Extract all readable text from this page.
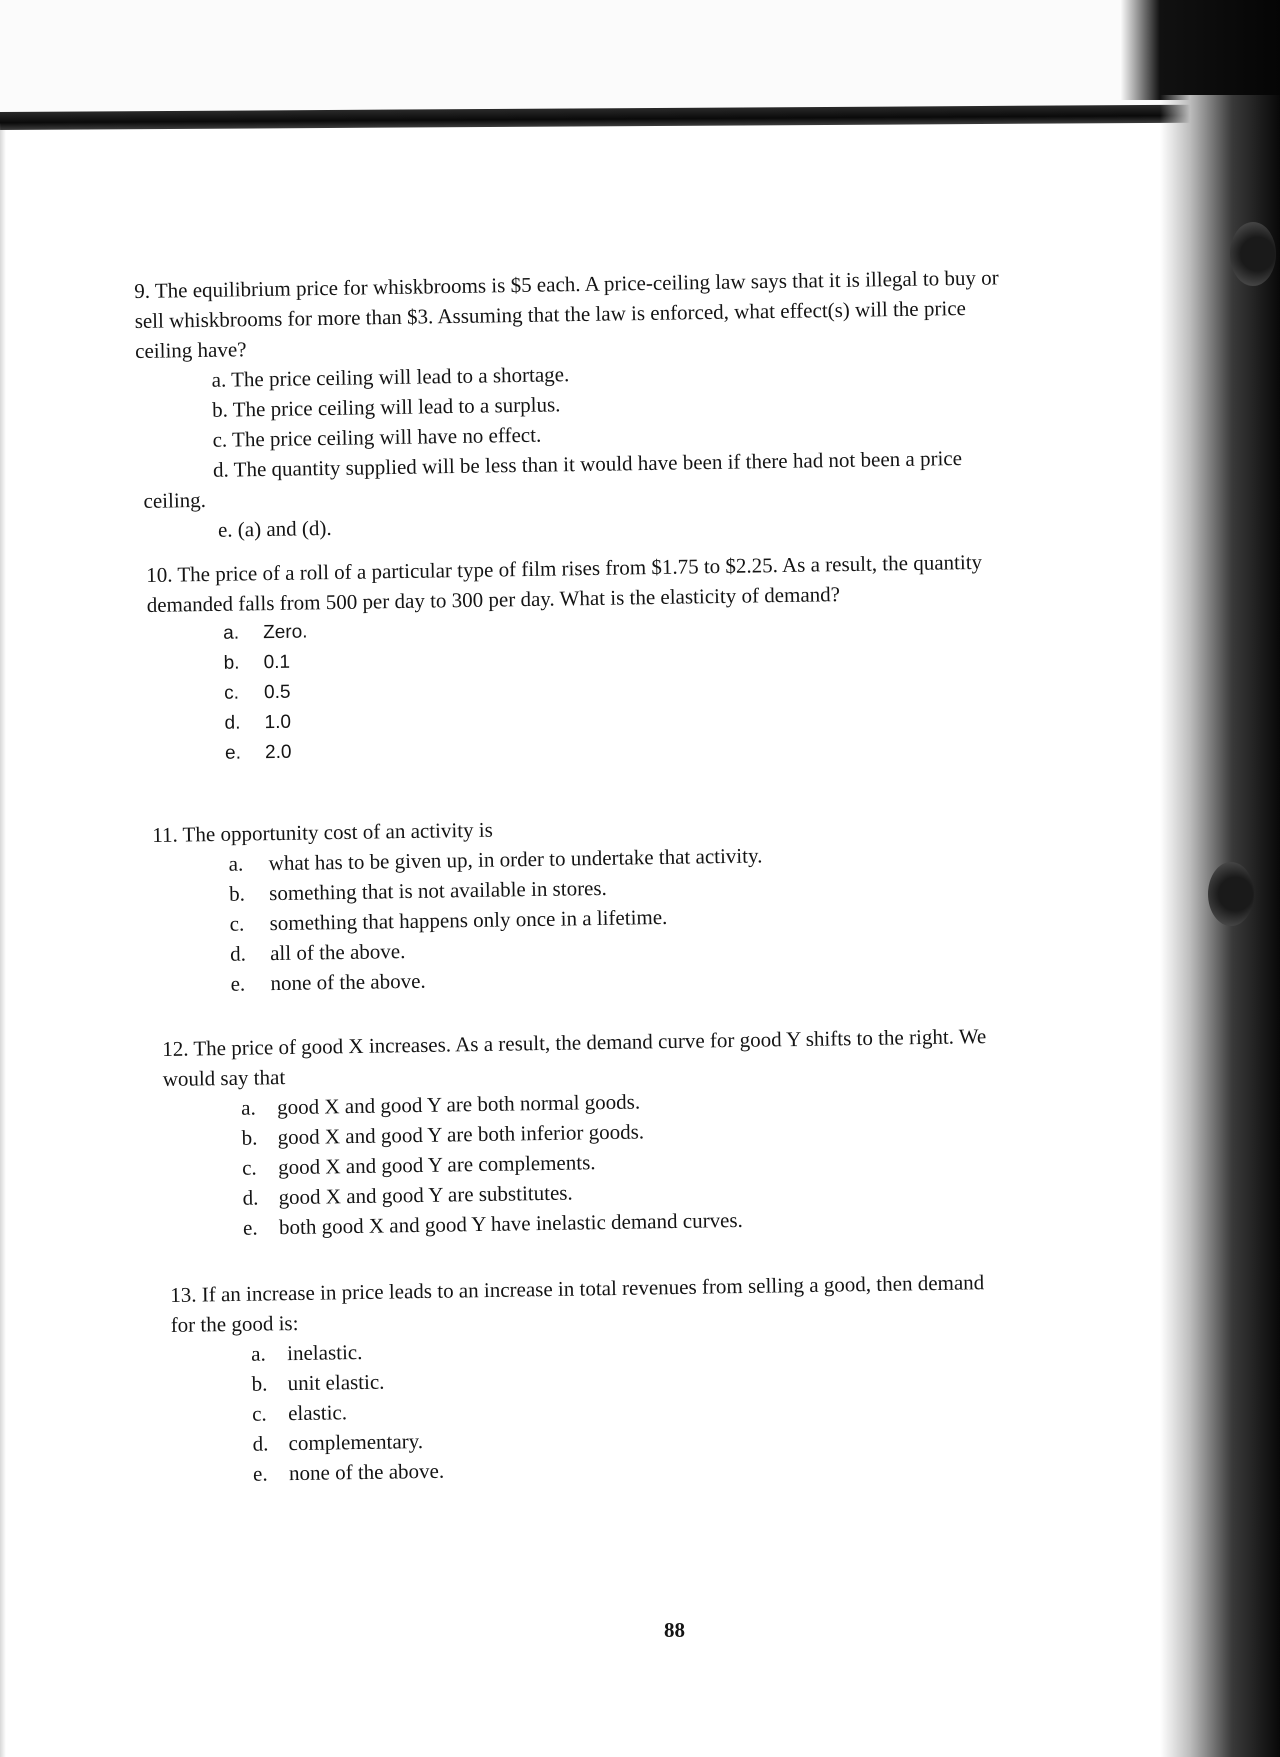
9. The equilibrium price for whiskbrooms is $5 each. A price-ceiling law says that it is illegal to buy or
sell whiskbrooms for more than $3. Assuming that the law is enforced, what effect(s) will the price
ceiling have?

a. The price ceiling will lead to a shortage.
b. The price ceiling will lead to a surplus.
c. The price ceiling will have no effect.
d. The quantity supplied will be less than it would have been if there had not been a price
ceiling.
e. (a) and (d).

10. The price of a roll of a particular type of film rises from $1.75 to $2.25. As a result, the quantity
demanded falls from 500 per day to 300 per day. What is the elasticity of demand?

a. Zero.
b. 0.1
c. 0.5
d. 1.0
e. 2.0

11. The opportunity cost of an activity is

a. what has to be given up, in order to undertake that activity.
b. something that is not available in stores.
c. something that happens only once in a lifetime.
d. all of the above.
e. none of the above.

12. The price of good X increases. As a result, the demand curve for good Y shifts to the right. We
would say that

a. good X and good Y are both normal goods.
b. good X and good Y are both inferior goods.
c. good X and good Y are complements.
d. good X and good Y are substitutes.
e. both good X and good Y have inelastic demand curves.

13. If an increase in price leads to an increase in total revenues from selling a good, then demand
for the good is:

a. inelastic.
b. unit elastic.
c. elastic.
d. complementary.
e. none of the above.
88
